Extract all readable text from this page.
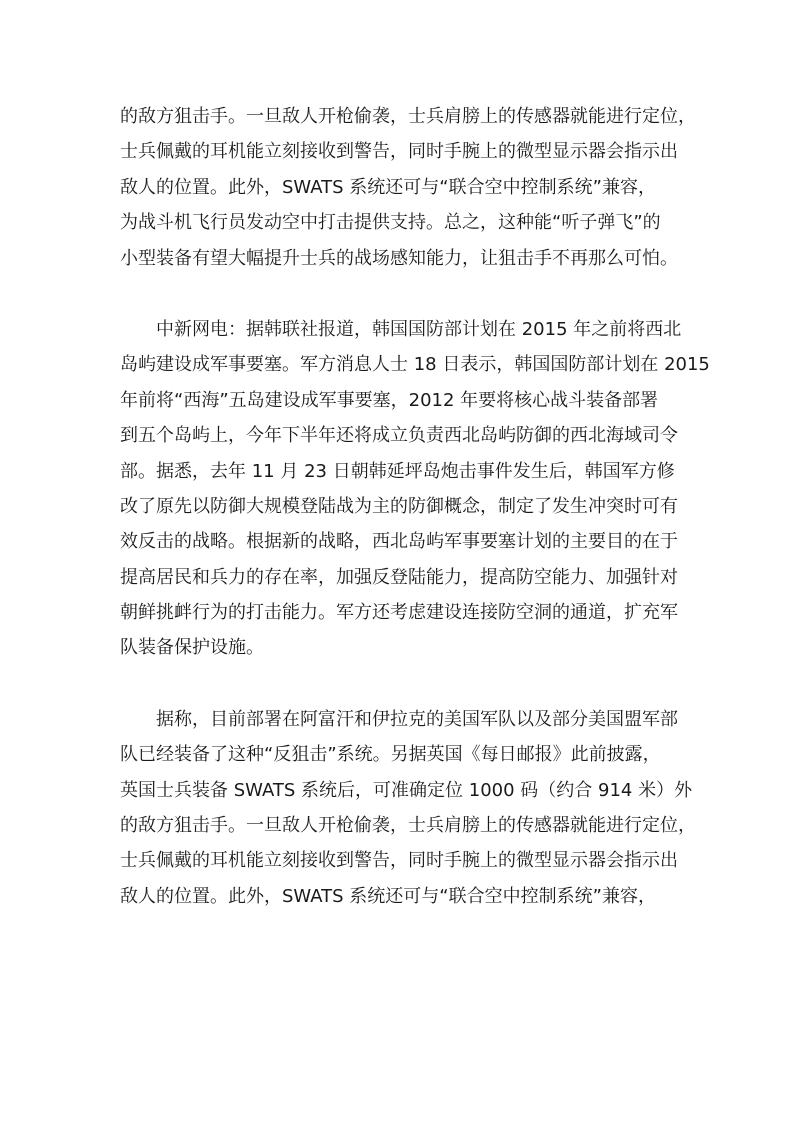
的敌方狙击手。一旦敌人开枪偷袭，士兵肩膀上的传感器就能进行定位，
士兵佩戴的耳机能立刻接收到警告，同时手腕上的微型显示器会指示出
敌人的位置。此外，SWATS 系统还可与“联合空中控制系统”兼容，
为战斗机飞行员发动空中打击提供支持。总之，这种能“听子弹飞”的
小型装备有望大幅提升士兵的战场感知能力，让狙击手不再那么可怕。
　　中新网电：据韩联社报道，韩国国防部计划在 2015 年之前将西北
岛屿建设成军事要塞。军方消息人士 18 日表示，韩国国防部计划在 2015
年前将“西海”五岛建设成军事要塞，2012 年要将核心战斗装备部署
到五个岛屿上，今年下半年还将成立负责西北岛屿防御的西北海域司令
部。据悉，去年 11 月 23 日朝韩延坪岛炮击事件发生后，韩国军方修
改了原先以防御大规模登陆战为主的防御概念，制定了发生冲突时可有
效反击的战略。根据新的战略，西北岛屿军事要塞计划的主要目的在于
提高居民和兵力的存在率，加强反登陆能力，提高防空能力、加强针对
朝鲜挑衅行为的打击能力。军方还考虑建设连接防空洞的通道，扩充军
队装备保护设施。
　　据称，目前部署在阿富汗和伊拉克的美国军队以及部分美国盟军部
队已经装备了这种“反狙击”系统。另据英国《每日邮报》此前披露，
英国士兵装备 SWATS 系统后，可准确定位 1000 码（约合 914 米）外
的敌方狙击手。一旦敌人开枪偷袭，士兵肩膀上的传感器就能进行定位，
士兵佩戴的耳机能立刻接收到警告，同时手腕上的微型显示器会指示出
敌人的位置。此外，SWATS 系统还可与“联合空中控制系统”兼容，
